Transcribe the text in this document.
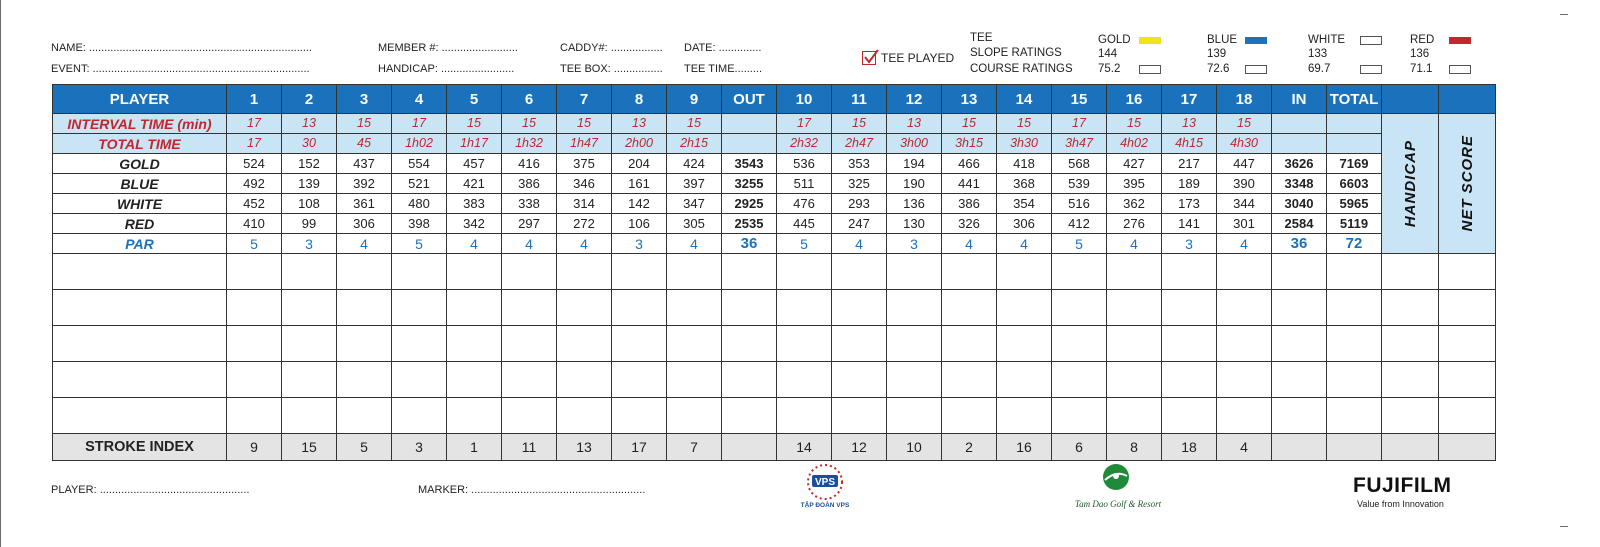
NAME: .........................................................................
EVENT: .......................................................................
MEMBER #: .........................
HANDICAP: ........................
CADDY#: ................. DATE: ..............
TEE BOX: ................ TEE TIME.........
TEE PLAYED
TEE
SLOPE RATINGS
COURSE RATINGS
GOLD
144
75.2
BLUE
139
72.6
WHITE
133
69.7
RED
136
71.1
PLAYER	1	2	3	4	5	6	7	8	9	OUT	10	11	12	13	14	15	16	17	18	IN	TOTAL		
INTERVAL TIME (min)	17	13	15	17	15	15	15	13	15		17	15	13	15	15	17	15	13	15			HANDICAP	NET SCORE

TOTAL TIME	17	30	45	1h02	1h17	1h32	1h47	2h00	2h15		2h32	2h47	3h00	3h15	3h30	3h47	4h02	4h15	4h30				
GOLD	524	152	437	554	457	416	375	204	424	3543	536	353	194	466	418	568	427	217	447	3626	7169		
BLUE	492	139	392	521	421	386	346	161	397	3255	511	325	190	441	368	539	395	189	390	3348	6603		
WHITE	452	108	361	480	383	338	314	142	347	2925	476	293	136	386	354	516	362	173	344	3040	5965		
RED	410	99	306	398	342	297	272	106	305	2535	445	247	130	326	306	412	276	141	301	2584	5119		
PAR	5	3	4	5	4	4	4	3	4	36	5	4	3	4	4	5	4	3	4	36	72		

STROKE INDEX	9	15	5	3	1	11	13	17	7		14	12	10	2	16	6	8	18	4				
PLAYER: .................................................	MARKER: .........................................................
VPS
TẬP ĐOÀN VPS	Tam Dao Golf & Resort
FUJIFILM
Value from Innovation
